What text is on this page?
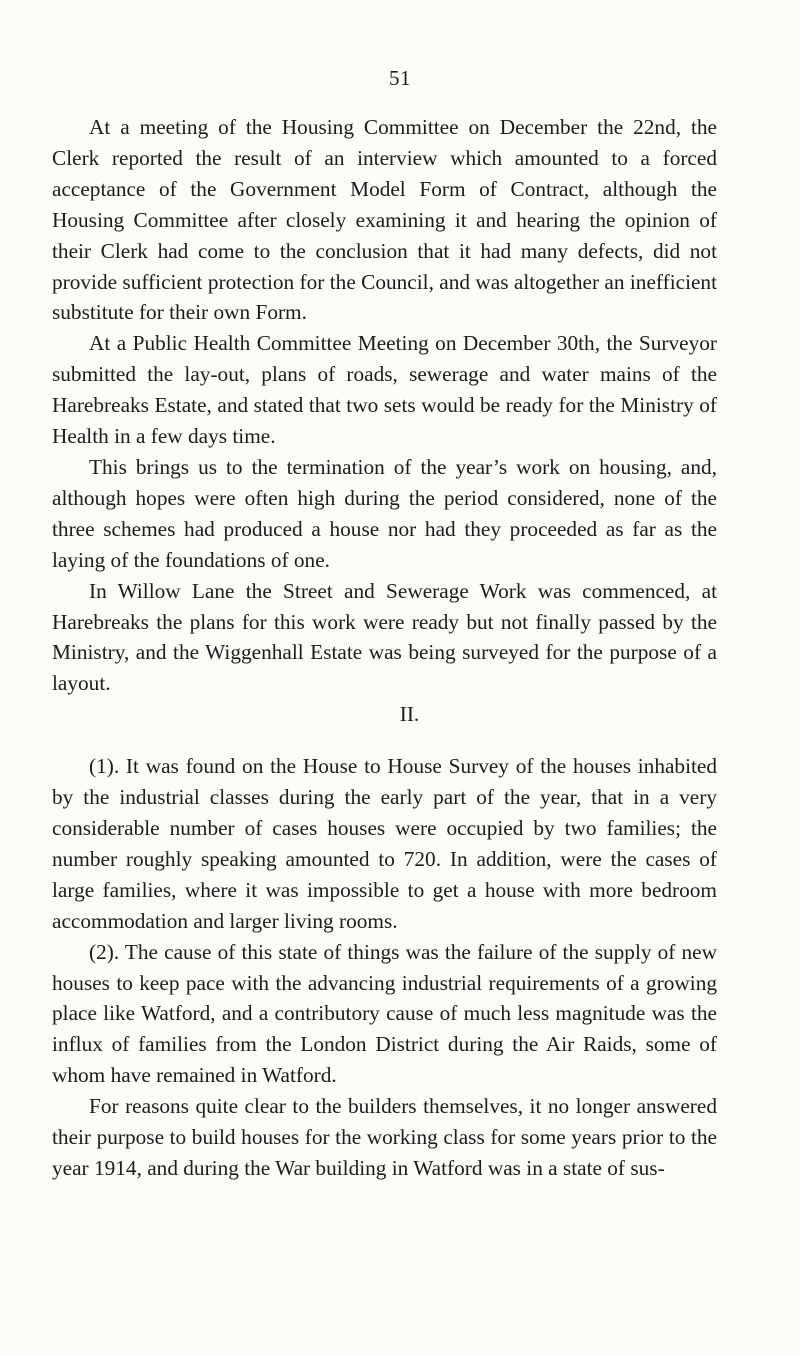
51

At a meeting of the Housing Committee on December the 22nd, the Clerk reported the result of an interview which amounted to a forced acceptance of the Government Model Form of Contract, although the Housing Committee after closely examining it and hearing the opinion of their Clerk had come to the conclusion that it had many defects, did not provide sufficient protection for the Council, and was altogether an inefficient substitute for their own Form.

At a Public Health Committee Meeting on December 30th, the Surveyor submitted the lay-out, plans of roads, sewerage and water mains of the Harebreaks Estate, and stated that two sets would be ready for the Ministry of Health in a few days time.

This brings us to the termination of the year’s work on housing, and, although hopes were often high during the period considered, none of the three schemes had produced a house nor had they proceeded as far as the laying of the foundations of one.

In Willow Lane the Street and Sewerage Work was commenced, at Harebreaks the plans for this work were ready but not finally passed by the Ministry, and the Wiggenhall Estate was being surveyed for the purpose of a layout.

II.

(1). It was found on the House to House Survey of the houses inhabited by the industrial classes during the early part of the year, that in a very considerable number of cases houses were occupied by two families; the number roughly speaking amounted to 720. In addition, were the cases of large families, where it was impossible to get a house with more bedroom accommodation and larger living rooms.

(2). The cause of this state of things was the failure of the supply of new houses to keep pace with the advancing industrial requirements of a growing place like Watford, and a contributory cause of much less magnitude was the influx of families from the London District during the Air Raids, some of whom have remained in Watford.

For reasons quite clear to the builders themselves, it no longer answered their purpose to build houses for the working class for some years prior to the year 1914, and during the War building in Watford was in a state of sus-
